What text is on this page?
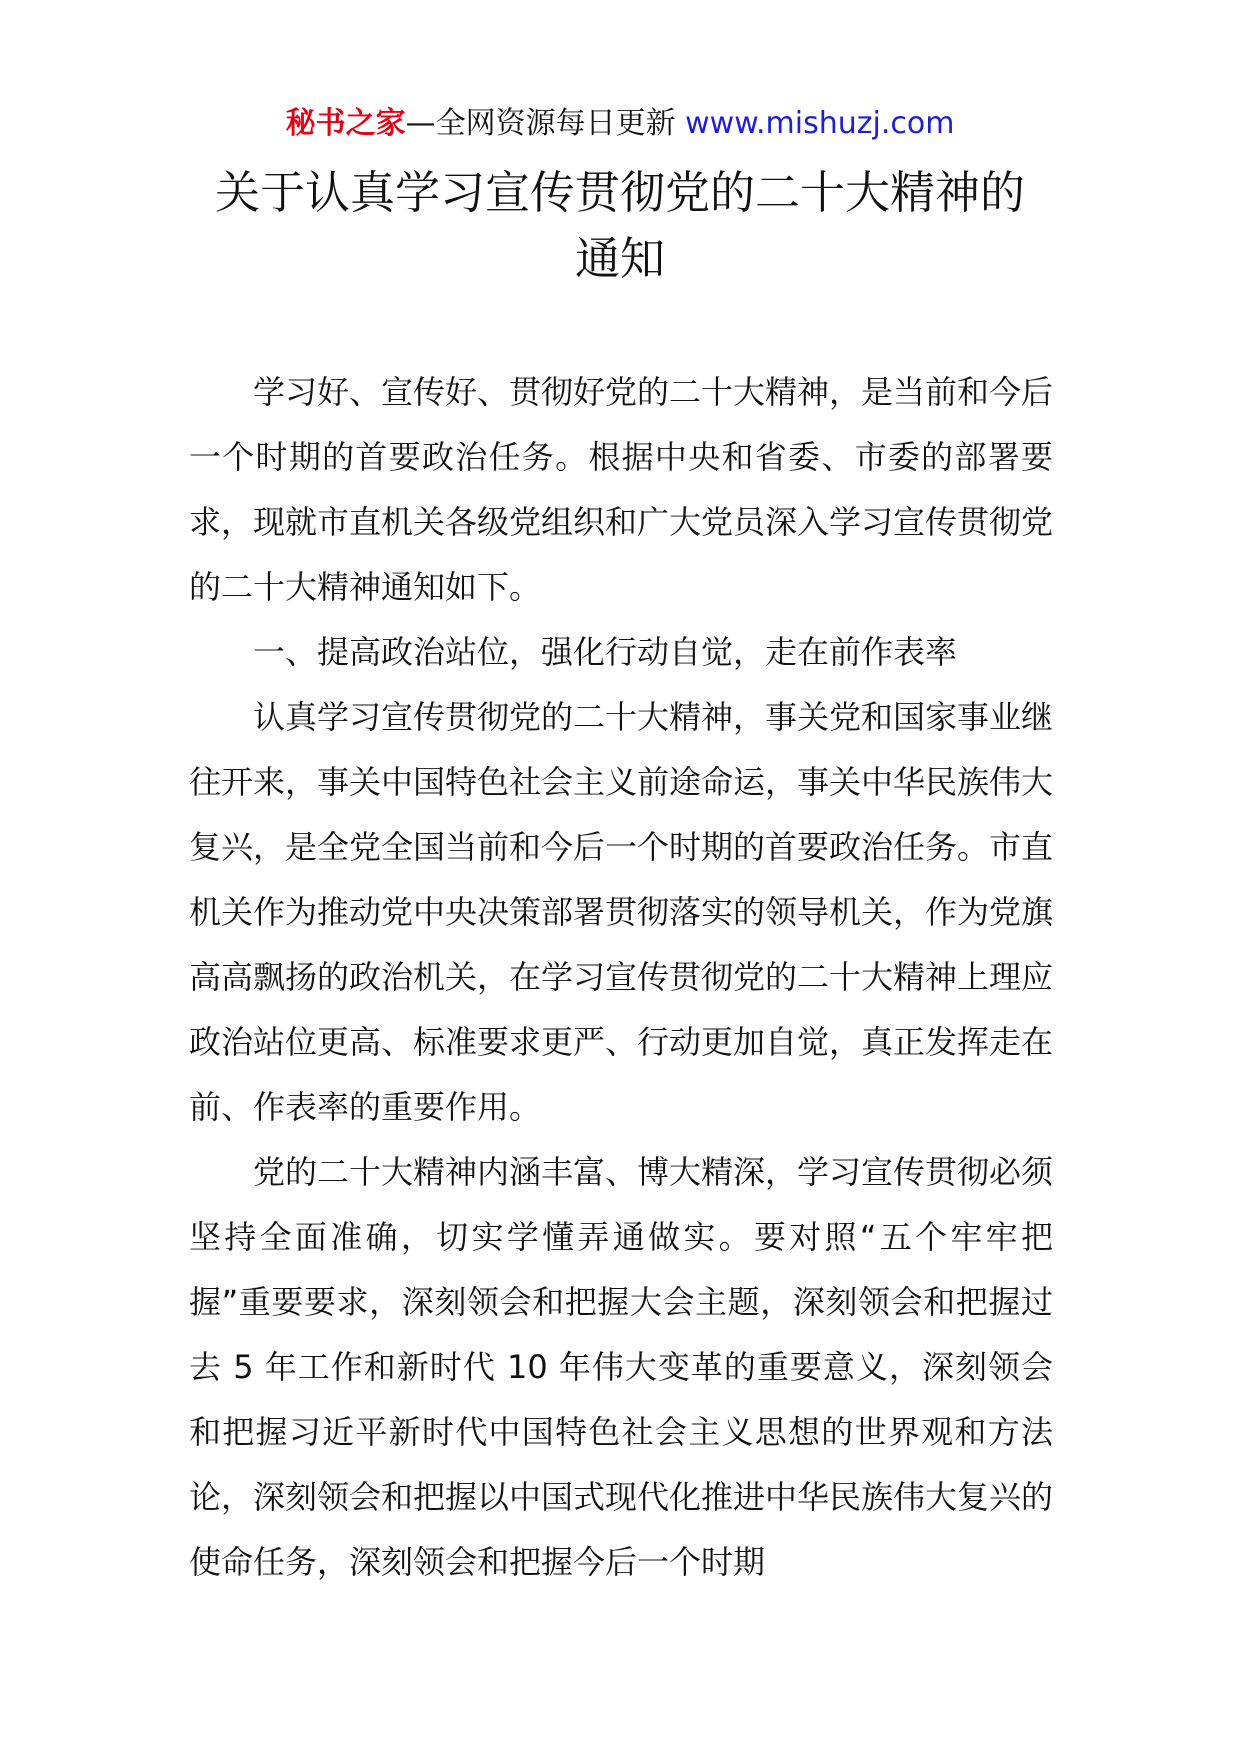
秘书之家—全网资源每日更新 www.mishuzj.com
关于认真学习宣传贯彻党的二十大精神的
通知

学习好、宣传好、贯彻好党的二十大精神，是当前和今后一个时期的首要政治任务。根据中央和省委、市委的部署要求，现就市直机关各级党组织和广大党员深入学习宣传贯彻党的二十大精神通知如下。

一、提高政治站位，强化行动自觉，走在前作表率

认真学习宣传贯彻党的二十大精神，事关党和国家事业继往开来，事关中国特色社会主义前途命运，事关中华民族伟大复兴，是全党全国当前和今后一个时期的首要政治任务。市直机关作为推动党中央决策部署贯彻落实的领导机关，作为党旗高高飘扬的政治机关，在学习宣传贯彻党的二十大精神上理应政治站位更高、标准要求更严、行动更加自觉，真正发挥走在前、作表率的重要作用。

党的二十大精神内涵丰富、博大精深，学习宣传贯彻必须坚持全面准确，切实学懂弄通做实。要对照“五个牢牢把握”重要要求，深刻领会和把握大会主题，深刻领会和把握过去 5 年工作和新时代 10 年伟大变革的重要意义，深刻领会和把握习近平新时代中国特色社会主义思想的世界观和方法论，深刻领会和把握以中国式现代化推进中华民族伟大复兴的使命任务，深刻领会和把握今后一个时期
